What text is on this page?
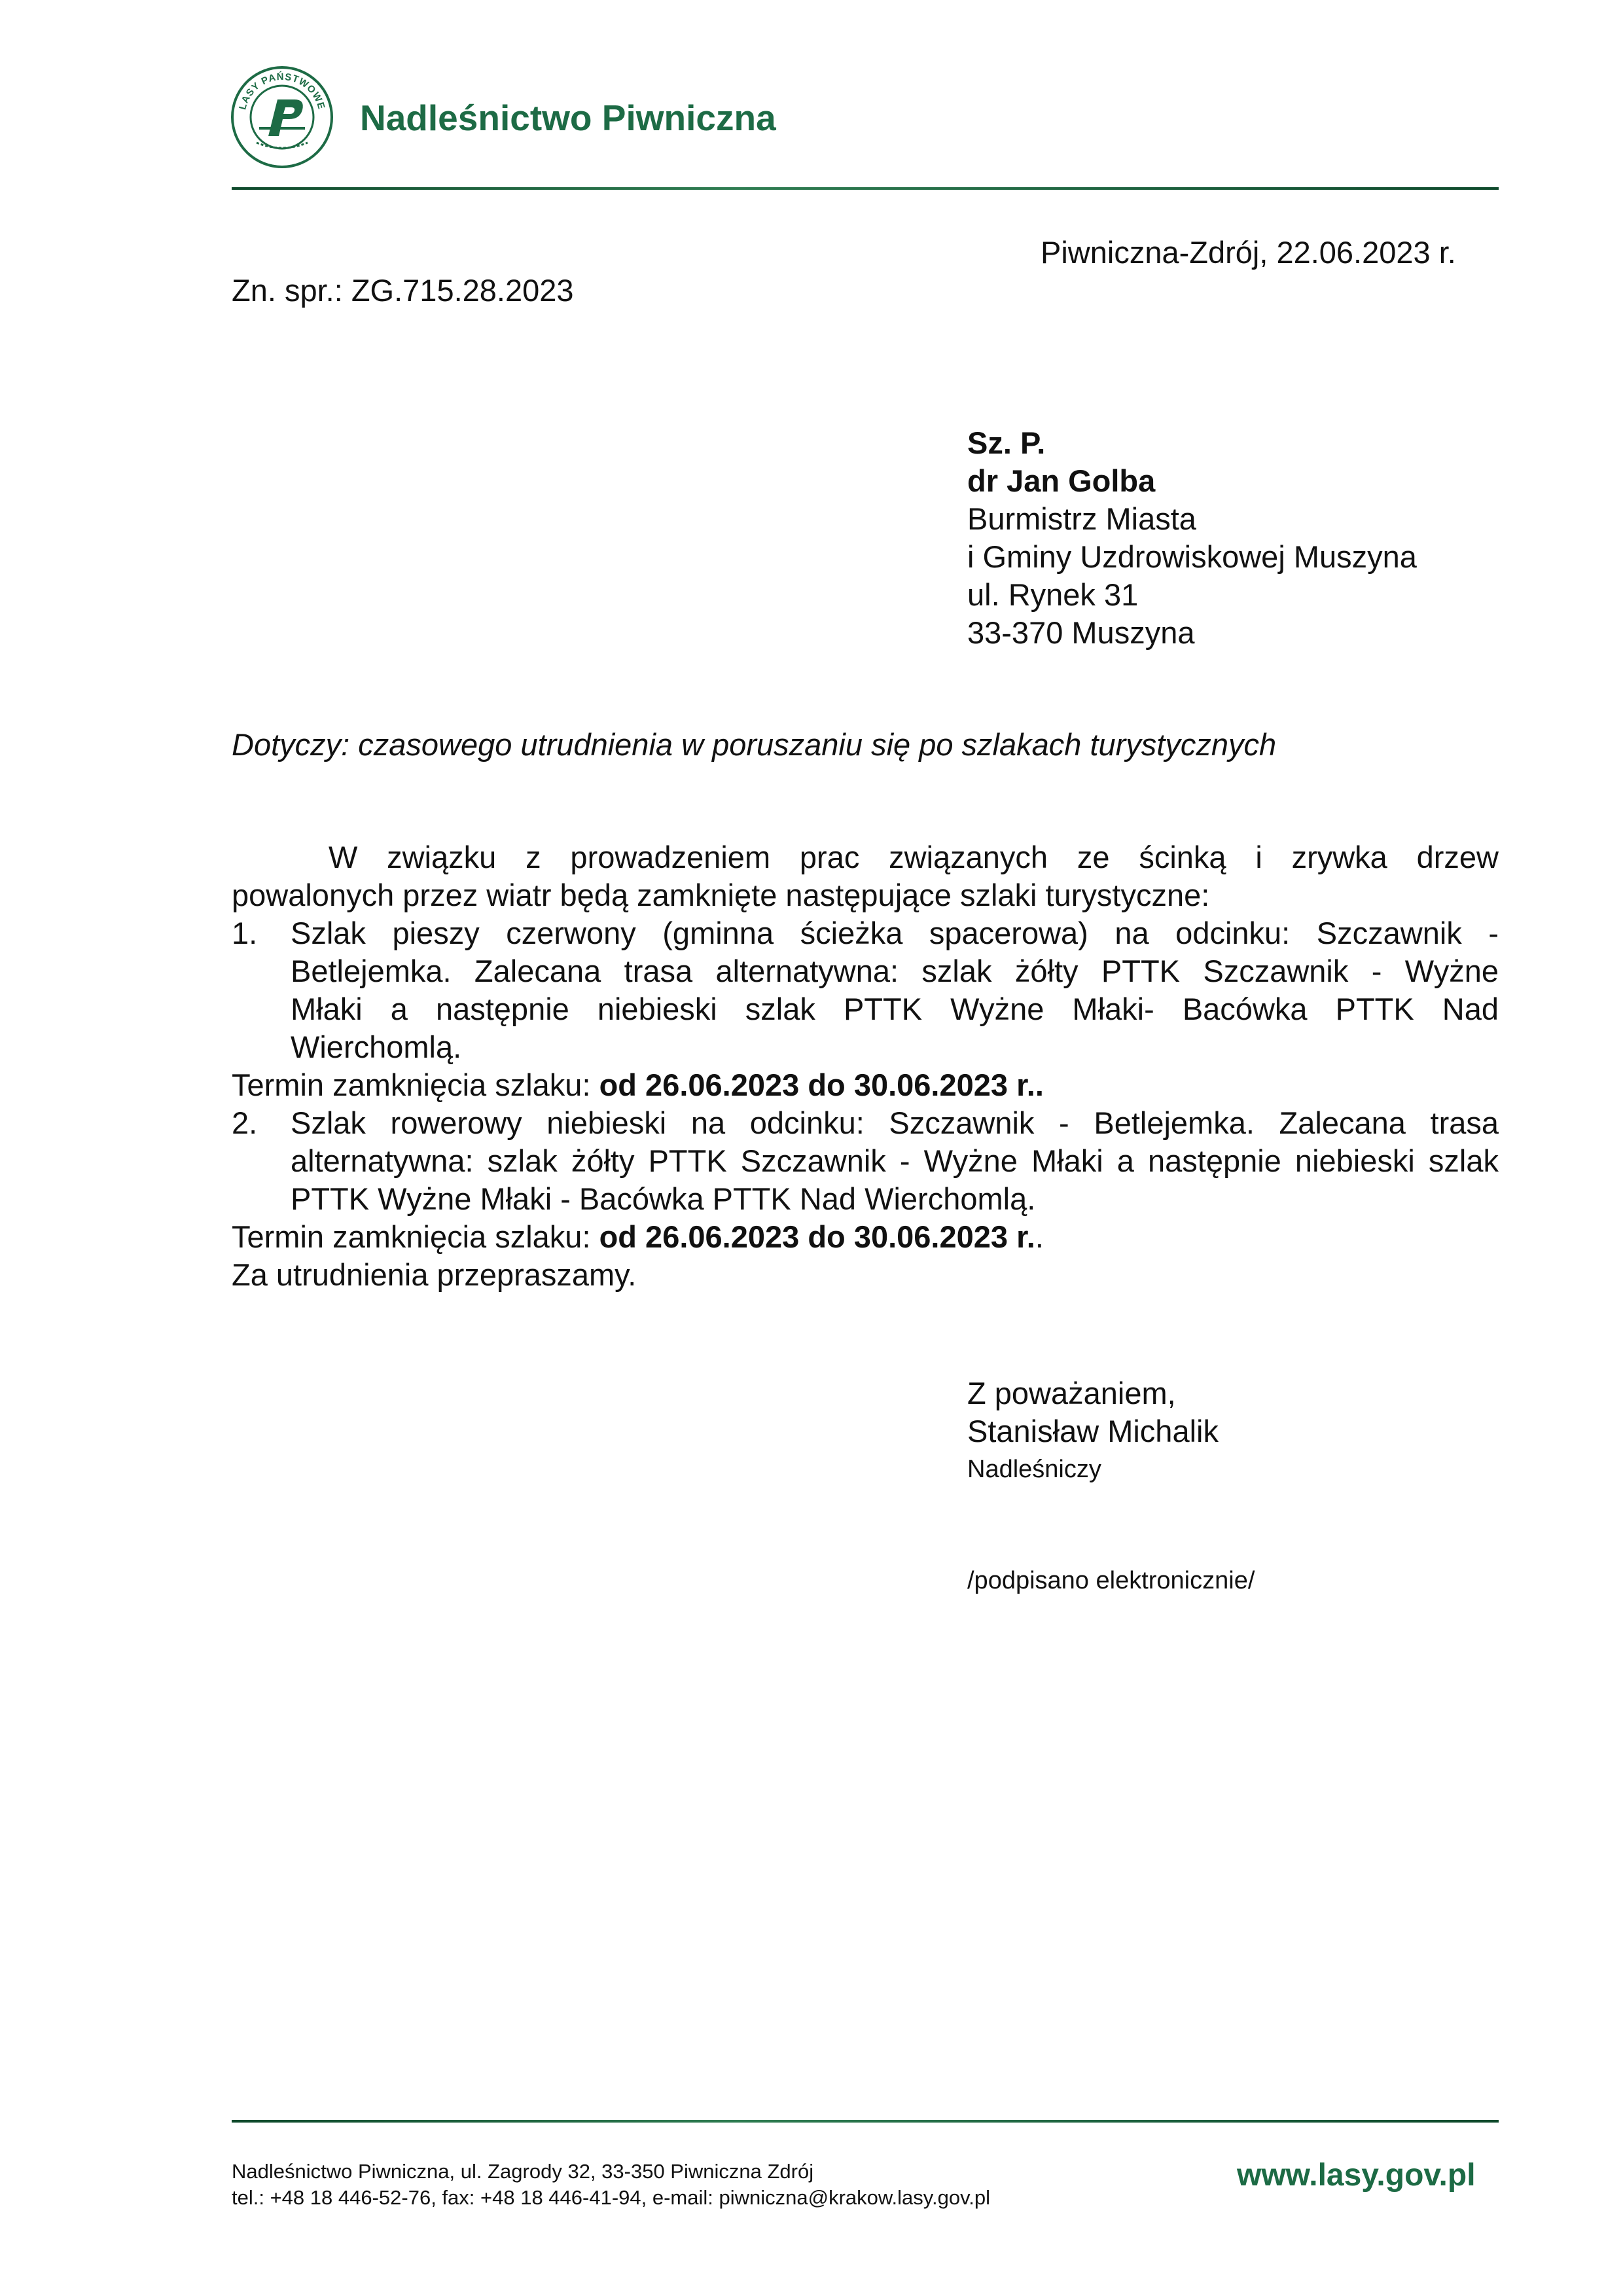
LASY PAŃSTWOWE Nadleśnictwo Piwniczna
Piwniczna-Zdrój, 22.06.2023 r.
Zn. spr.: ZG.715.28.2023
Sz. P.
dr Jan Golba
Burmistrz Miasta
i Gminy Uzdrowiskowej Muszyna
ul. Rynek 31
33-370 Muszyna
Dotyczy: czasowego utrudnienia w poruszaniu się po szlakach turystycznych

W związku z prowadzeniem prac związanych ze ścinką i zrywka drzew

powalonych przez wiatr będą zamknięte następujące szlaki turystyczne:

1. Szlak pieszy czerwony (gminna ścieżka spacerowa) na odcinku: Szczawnik -

Betlejemka. Zalecana trasa alternatywna: szlak żółty PTTK Szczawnik - Wyżne

Młaki a następnie niebieski szlak PTTK Wyżne Młaki- Bacówka PTTK Nad

Wierchomlą.

Termin zamknięcia szlaku: od 26.06.2023 do 30.06.2023 r..

2. Szlak rowerowy niebieski na odcinku: Szczawnik - Betlejemka. Zalecana trasa

alternatywna: szlak żółty PTTK Szczawnik - Wyżne Młaki a następnie niebieski szlak

PTTK Wyżne Młaki - Bacówka PTTK Nad Wierchomlą.

Termin zamknięcia szlaku: od 26.06.2023 do 30.06.2023 r..

Za utrudnienia przepraszamy.

Z poważaniem,
Stanisław Michalik
Nadleśniczy
/podpisano elektronicznie/
Nadleśnictwo Piwniczna, ul. Zagrody 32, 33-350 Piwniczna Zdrój
tel.: +48 18 446-52-76, fax: +48 18 446-41-94, e-mail: piwniczna@krakow.lasy.gov.pl
www.lasy.gov.pl
